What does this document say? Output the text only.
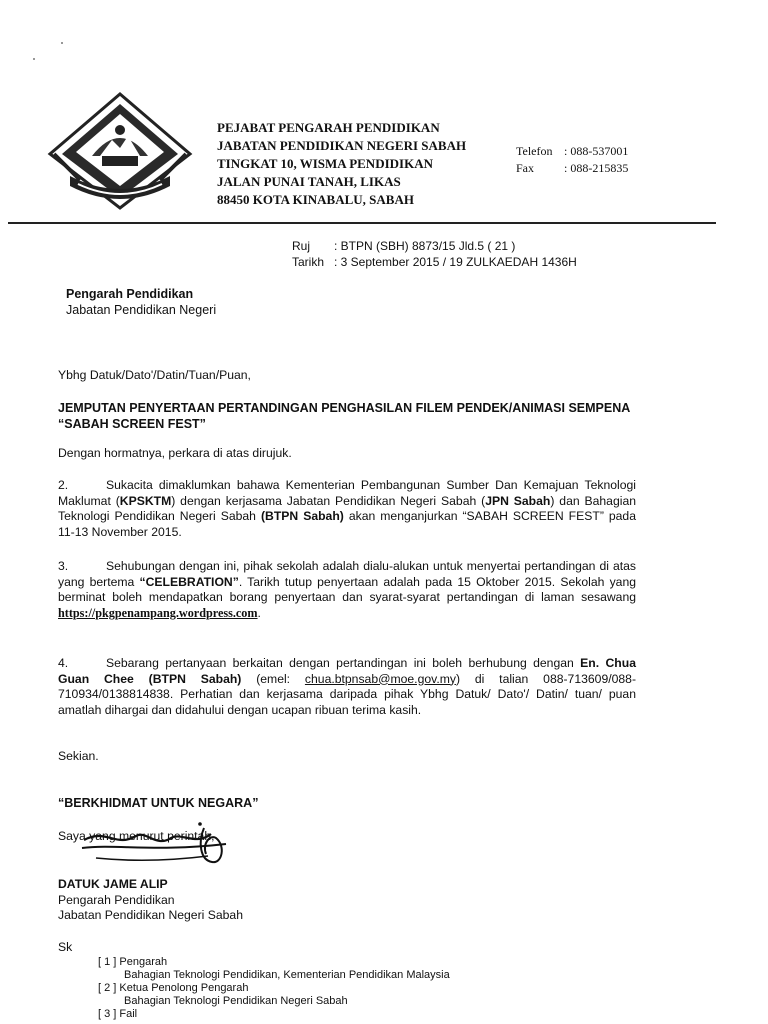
PEJABAT PENGARAH PENDIDIKAN
JABATAN PENDIDIKAN NEGERI SABAH
TINGKAT 10, WISMA PENDIDIKAN
JALAN PUNAI TANAH, LIKAS
88450 KOTA KINABALU, SABAH
Telefon : 088-537001
Fax	: 088-215835
Ruj : BTPN (SBH) 8873/15 Jld.5 ( 21 )
Tarikh : 3 September 2015 / 19 ZULKAEDAH 1436H
Pengarah Pendidikan
Jabatan Pendidikan Negeri
Ybhg Datuk/Dato'/Datin/Tuan/Puan,
JEMPUTAN PENYERTAAN PERTANDINGAN PENGHASILAN FILEM PENDEK/ANIMASI SEMPENA “SABAH SCREEN FEST”
Dengan hormatnya, perkara di atas dirujuk.
2.	Sukacita dimaklumkan bahawa Kementerian Pembangunan Sumber Dan Kemajuan Teknologi Maklumat (KPSKTM) dengan kerjasama Jabatan Pendidikan Negeri Sabah (JPN Sabah) dan Bahagian Teknologi Pendidikan Negeri Sabah (BTPN Sabah) akan menganjurkan “SABAH SCREEN FEST” pada 11-13 November 2015.
3.	Sehubungan dengan ini, pihak sekolah adalah dialu-alukan untuk menyertai pertandingan di atas yang bertema “CELEBRATION”. Tarikh tutup penyertaan adalah pada 15 Oktober 2015. Sekolah yang berminat boleh mendapatkan borang penyertaan dan syarat-syarat pertandingan di laman sesawang https://pkgpenampang.wordpress.com.
4.	Sebarang pertanyaan berkaitan dengan pertandingan ini boleh berhubung dengan En. Chua Guan Chee (BTPN Sabah) (emel: chua.btpnsab@moe.gov.my) di talian 088-713609/088-710934/0138814838. Perhatian dan kerjasama daripada pihak Ybhg Datuk/ Dato'/ Datin/ tuan/ puan amatlah dihargai dan didahului dengan ucapan ribuan terima kasih.
Sekian.
“BERKHIDMAT UNTUK NEGARA”
Saya yang menurut perintah,
DATUK JAME ALIP
Pengarah Pendidikan
Jabatan Pendidikan Negeri Sabah
Sk
[ 1 ] Pengarah
Bahagian Teknologi Pendidikan, Kementerian Pendidikan Malaysia
[ 2 ] Ketua Penolong Pengarah
Bahagian Teknologi Pendidikan Negeri Sabah
[ 3 ] Fail
